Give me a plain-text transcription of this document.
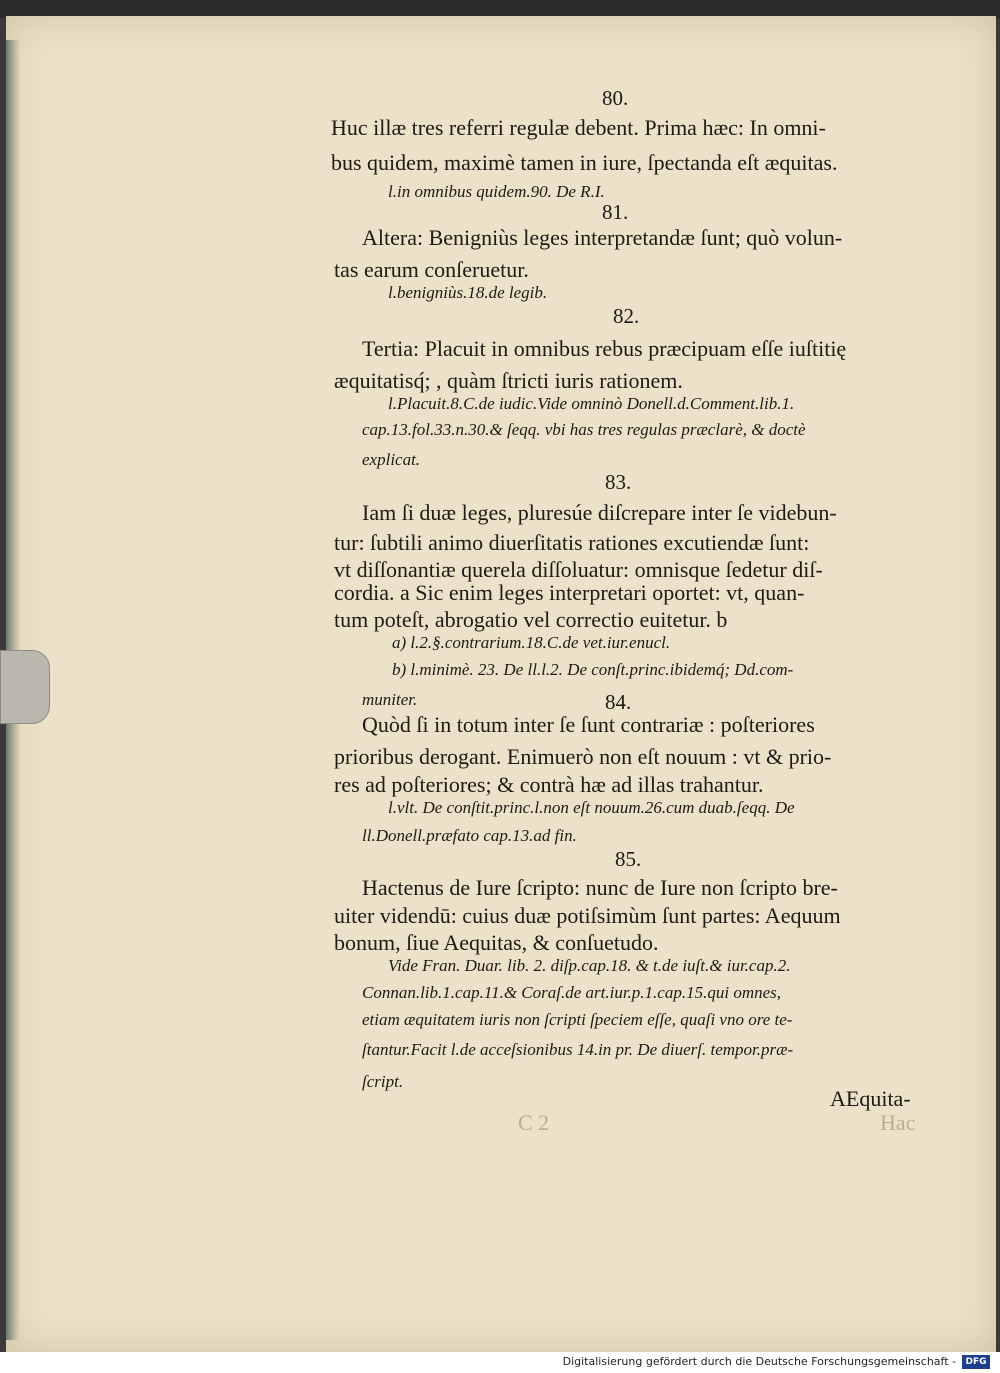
80.
Huc illæ tres referri regulæ debent. Prima hæc: In omni-
bus quidem, maximè tamen in iure, ſpectanda eſt æquitas.
l.in omnibus quidem.90. De R.I.
81.
Altera: Benigniùs leges interpretandæ ſunt; quò volun-
tas earum conſeruetur.
l.benigniùs.18.de legib.
82.
Tertia: Placuit in omnibus rebus præcipuam eſſe iuſtitię
æquitatisq́; , quàm ſtricti iuris rationem.
l.Placuit.8.C.de iudic.Vide omninò Donell.d.Comment.lib.1.
cap.13.fol.33.n.30.& ſeqq. vbi has tres regulas præclarè, & doctè
explicat.
83.
Iam ſi duæ leges, pluresúe diſcrepare inter ſe videbun-
tur: ſubtili animo diuerſitatis rationes excutiendæ ſunt:
vt diſſonantiæ querela diſſoluatur: omnisque ſedetur diſ-
cordia. a Sic enim leges interpretari oportet: vt, quan-
tum poteſt, abrogatio vel correctio euitetur. b
a) l.2.§.contrarium.18.C.de vet.iur.enucl.
b) l.minimè. 23. De ll.l.2. De conſt.princ.ibidemq́; Dd.com-
muniter.	84.
Quòd ſi in totum inter ſe ſunt contrariæ : poſteriores
prioribus derogant. Enimuerò non eſt nouum : vt & prio-
res ad poſteriores; & contrà hæ ad illas trahantur.
l.vlt. De conſtit.princ.l.non eſt nouum.26.cum duab.ſeqq. De
ll.Donell.præfato cap.13.ad fin.
85.
Hactenus de Iure ſcripto: nunc de Iure non ſcripto bre-
uiter videndū: cuius duæ potiſsimùm ſunt partes: Aequum
bonum, ſiue Aequitas, & conſuetudo.
Vide Fran. Duar. lib. 2. diſp.cap.18. & t.de iuſt.& iur.cap.2.
Connan.lib.1.cap.11.& Coraſ.de art.iur.p.1.cap.15.qui omnes,
etiam æquitatem iuris non ſcripti ſpeciem eſſe, quaſi vno ore te-
ſtantur.Facit l.de acceſsionibus 14.in pr. De diuerſ. tempor.præ-
ſcript.
AEquita-
C 2	Hac
Digitalisierung gefördert durch die Deutsche Forschungsgemeinschaft -	DFG
